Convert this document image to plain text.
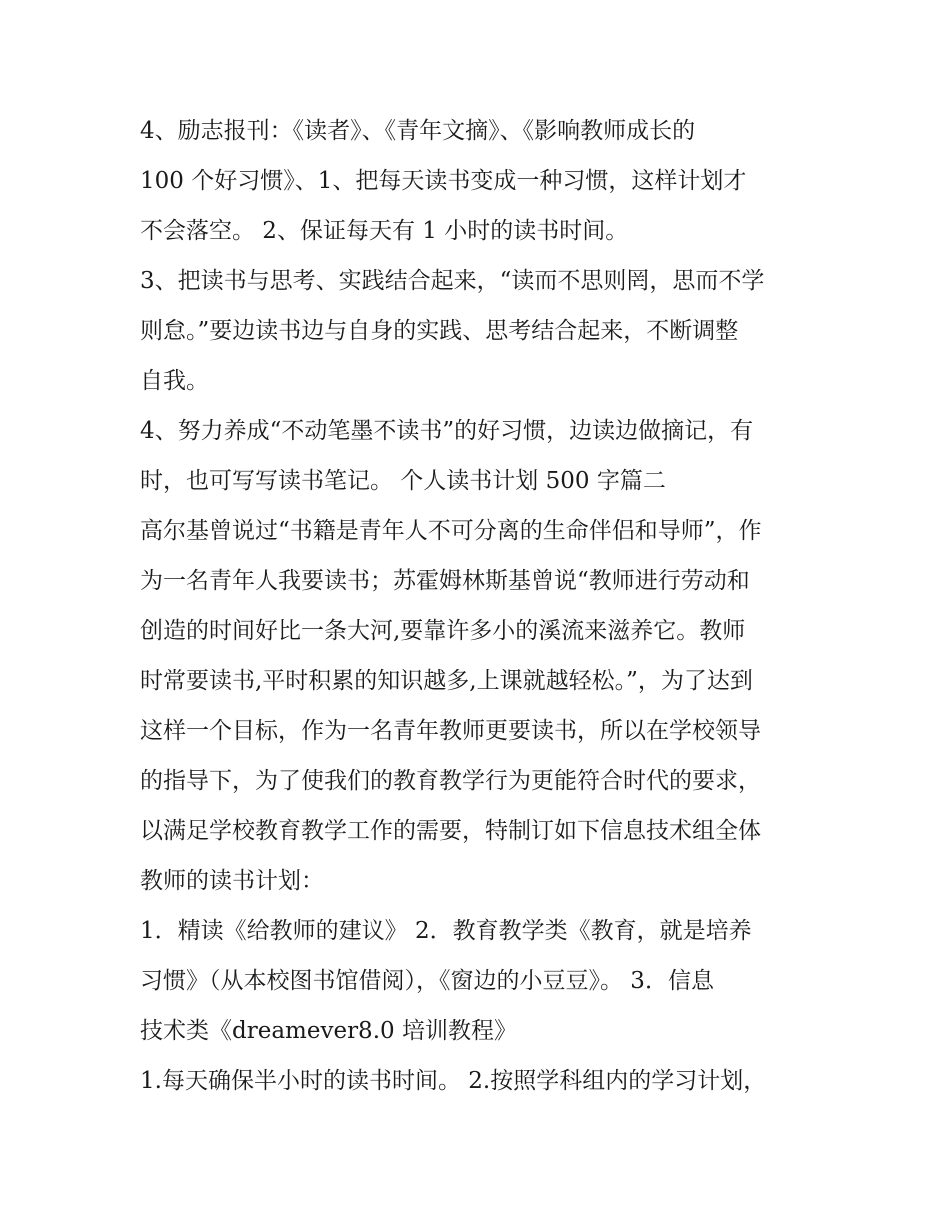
4、励志报刊：《读者》、《青年文摘》、《影响教师成长的
100 个好习惯》、1、把每天读书变成一种习惯，这样计划才
不会落空。 2、保证每天有 1 小时的读书时间。
3、把读书与思考、实践结合起来，“读而不思则罔，思而不学
则怠。”要边读书边与自身的实践、思考结合起来，不断调整
自我。
4、努力养成“不动笔墨不读书”的好习惯，边读边做摘记，有
时，也可写写读书笔记。 个人读书计划 500 字篇二
高尔基曾说过“书籍是青年人不可分离的生命伴侣和导师”，作
为一名青年人我要读书；苏霍姆林斯基曾说“教师进行劳动和
创造的时间好比一条大河,要靠许多小的溪流来滋养它。教师
时常要读书,平时积累的知识越多,上课就越轻松。”，为了达到
这样一个目标，作为一名青年教师更要读书，所以在学校领导
的指导下，为了使我们的教育教学行为更能符合时代的要求，
以满足学校教育教学工作的需要，特制订如下信息技术组全体
教师的读书计划：
1．精读《给教师的建议》 2．教育教学类《教育，就是培养
习惯》（从本校图书馆借阅），《窗边的小豆豆》。 3．信息
技术类《dreamever8.0 培训教程》
1.每天确保半小时的读书时间。 2.按照学科组内的学习计划，
